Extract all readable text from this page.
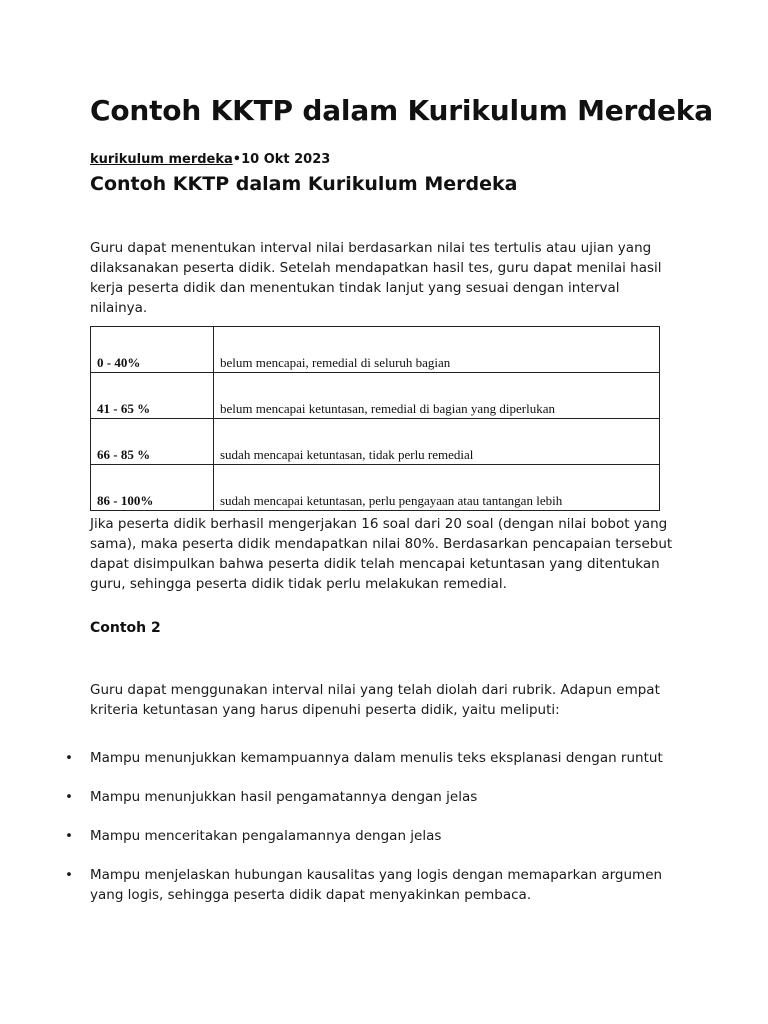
Contoh KKTP dalam Kurikulum Merdeka
kurikulum merdeka•10 Okt 2023
Contoh KKTP dalam Kurikulum Merdeka

Guru dapat menentukan interval nilai berdasarkan nilai tes tertulis atau ujian yang dilaksanakan peserta didik. Setelah mendapatkan hasil tes, guru dapat menilai hasil kerja peserta didik dan menentukan tindak lanjut yang sesuai dengan interval nilainya.

0 - 40%	belum mencapai, remedial di seluruh bagian

41 - 65 %	belum mencapai ketuntasan, remedial di bagian yang diperlukan

66 - 85 %	sudah mencapai ketuntasan, tidak perlu remedial

86 - 100%	sudah mencapai ketuntasan, perlu pengayaan atau tantangan lebih

Jika peserta didik berhasil mengerjakan 16 soal dari 20 soal (dengan nilai bobot yang sama), maka peserta didik mendapatkan nilai 80%. Berdasarkan pencapaian tersebut dapat disimpulkan bahwa peserta didik telah mencapai ketuntasan yang ditentukan guru, sehingga peserta didik tidak perlu melakukan remedial.

Contoh 2

Guru dapat menggunakan interval nilai yang telah diolah dari rubrik. Adapun empat kriteria ketuntasan yang harus dipenuhi peserta didik, yaitu meliputi:

• Mampu menunjukkan kemampuannya dalam menulis teks eksplanasi dengan runtut
• Mampu menunjukkan hasil pengamatannya dengan jelas
• Mampu menceritakan pengalamannya dengan jelas
• Mampu menjelaskan hubungan kausalitas yang logis dengan memaparkan argumen yang logis, sehingga peserta didik dapat menyakinkan pembaca.
